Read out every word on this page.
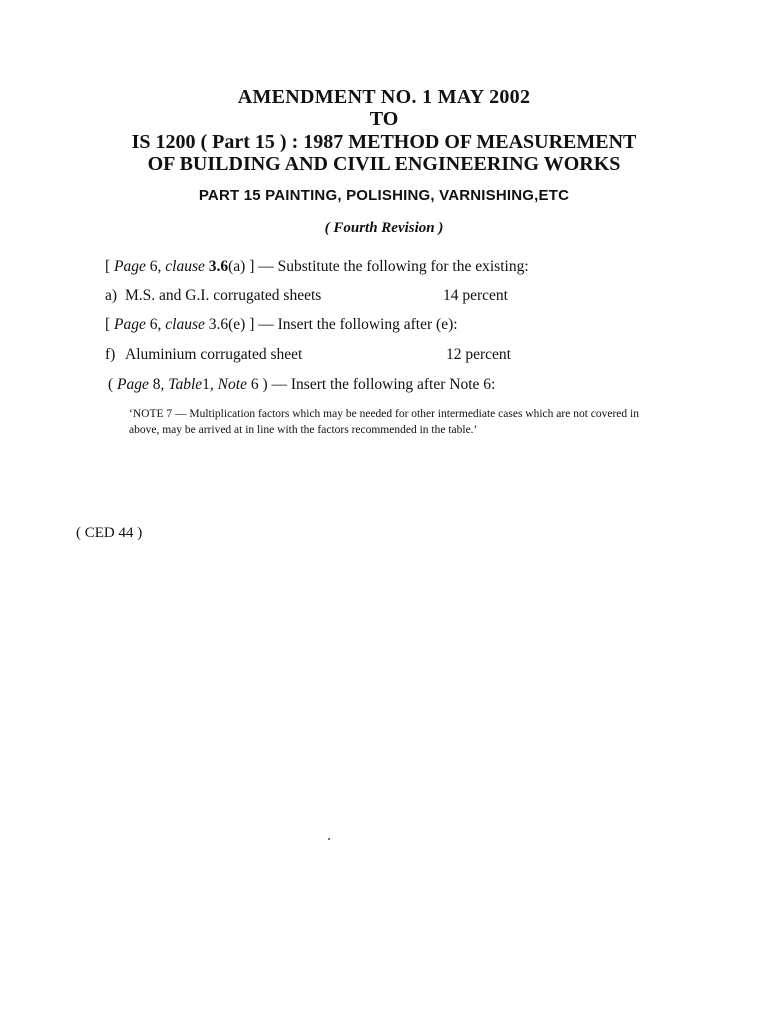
AMENDMENT NO. 1 MAY 2002
TO
IS 1200 ( Part 15 ) : 1987 METHOD OF MEASUREMENT
OF BUILDING AND CIVIL ENGINEERING WORKS
PART 15 PAINTING, POLISHING, VARNISHING,ETC
( Fourth Revision )
[ Page 6, clause 3.6(a) ] — Substitute the following for the existing:
a) M.S. and G.I. corrugated sheets	14 percent
[ Page 6, clause 3.6(e) ] — Insert the following after (e):
f) Aluminium corrugated sheet	12 percent
( Page 8, Table1, Note 6 ) — Insert the following after Note 6:
‘NOTE 7 — Multiplication factors which may be needed for other intermediate cases which are not covered in above, may be arrived at in line with the factors recommended in the table.’
( CED 44 )
